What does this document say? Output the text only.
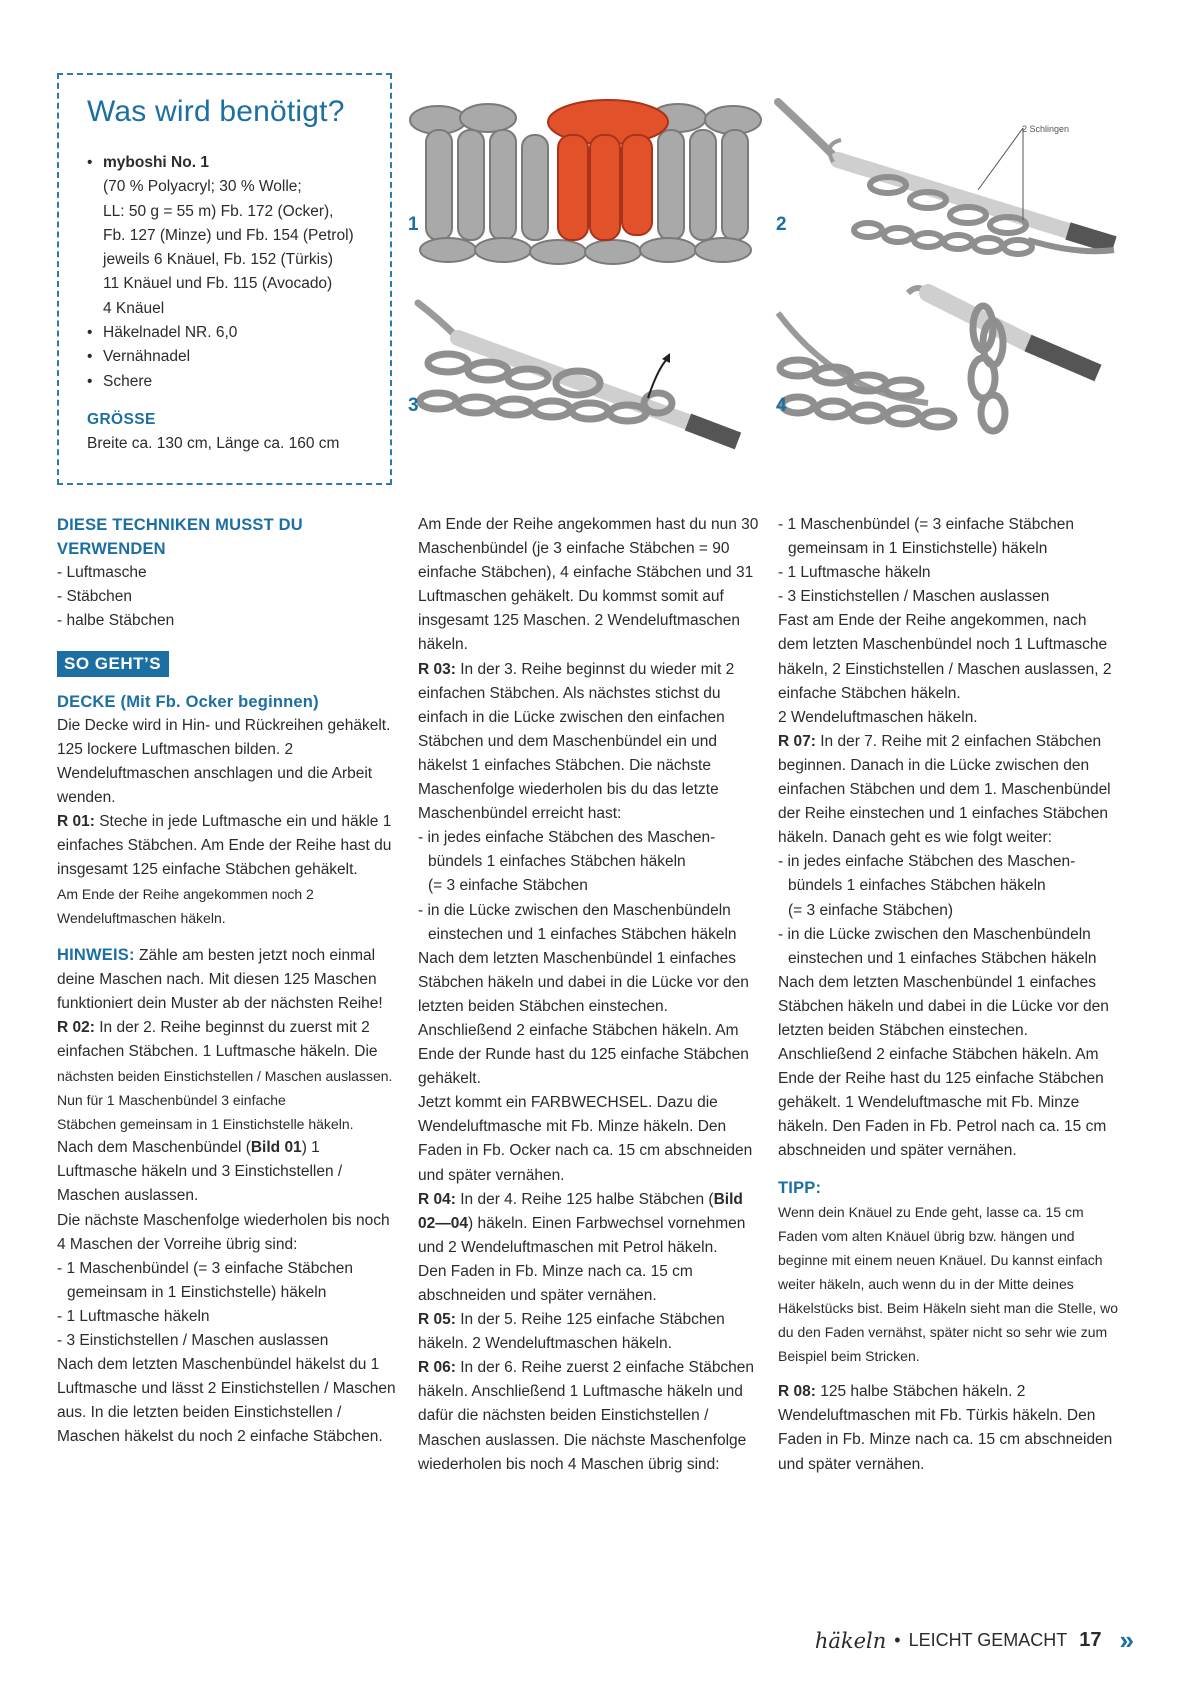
Was wird benötigt?
• myboshi No. 1
(70 % Polyacryl; 30 % Wolle;
LL: 50 g = 55 m) Fb. 172 (Ocker),
Fb. 127 (Minze) und Fb. 154 (Petrol)
jeweils 6 Knäuel, Fb. 152 (Türkis)
11 Knäuel und Fb. 115 (Avocado)
4 Knäuel
• Häkelnadel NR. 6,0
• Vernähnadel
• Schere
GRÖSSE
Breite ca. 130 cm, Länge ca. 160 cm
1
2 Schlingen
2
3	4

DIESE TECHNIKEN MUSST DU VERWENDEN

- Luftmasche

- Stäbchen

- halbe Stäbchen

SO GEHT’S

DECKE (Mit Fb. Ocker beginnen)

Die Decke wird in Hin- und Rückreihen gehäkelt.

125 lockere Luftmaschen bilden. 2 Wendeluftmaschen anschlagen und die Arbeit wenden.

R 01: Steche in jede Luftmasche ein und häkle 1 einfaches Stäbchen. Am Ende der Reihe hast du insgesamt 125 einfache Stäbchen gehäkelt.

Am Ende der Reihe angekommen noch 2 Wendeluftmaschen häkeln.

HINWEIS: Zähle am besten jetzt noch einmal deine Maschen nach. Mit diesen 125 Maschen funktioniert dein Muster ab der nächsten Reihe!

R 02: In der 2. Reihe beginnst du zuerst mit 2 einfachen Stäbchen. 1 Luftmasche häkeln. Die

nächsten beiden Einstichstellen / Maschen auslassen. Nun für 1 Maschenbündel 3 einfache

Stäbchen gemeinsam in 1 Einstichstelle häkeln.

Nach dem Maschenbündel (Bild 01) 1 Luftmasche häkeln und 3 Einstichstellen / Maschen auslassen.

Die nächste Maschenfolge wiederholen bis noch 4 Maschen der Vorreihe übrig sind:

- 1 Maschenbündel (= 3 einfache Stäbchen

gemeinsam in 1 Einstichstelle) häkeln

- 1 Luftmasche häkeln

- 3 Einstichstellen / Maschen auslassen

Nach dem letzten Maschenbündel häkelst du 1 Luftmasche und lässt 2 Einstichstellen / Maschen aus. In die letzten beiden Einstichstellen / Maschen häkelst du noch 2 einfache Stäbchen.

Am Ende der Reihe angekommen hast du nun 30 Maschenbündel (je 3 einfache Stäbchen = 90 einfache Stäbchen), 4 einfache Stäbchen und 31 Luftmaschen gehäkelt. Du kommst somit auf insgesamt 125 Maschen. 2 Wendeluftmaschen häkeln.

R 03: In der 3. Reihe beginnst du wieder mit 2 einfachen Stäbchen. Als nächstes stichst du einfach in die Lücke zwischen den einfachen Stäbchen und dem Maschenbündel ein und häkelst 1 einfaches Stäbchen. Die nächste Maschenfolge wiederholen bis du das letzte Maschenbündel erreicht hast:

- in jedes einfache Stäbchen des Maschen-

bündels 1 einfaches Stäbchen häkeln

(= 3 einfache Stäbchen

- in die Lücke zwischen den Maschenbündeln

einstechen und 1 einfaches Stäbchen häkeln

Nach dem letzten Maschenbündel 1 einfaches Stäbchen häkeln und dabei in die Lücke vor den letzten beiden Stäbchen einstechen. Anschließend 2 einfache Stäbchen häkeln. Am Ende der Runde hast du 125 einfache Stäbchen gehäkelt.

Jetzt kommt ein FARBWECHSEL. Dazu die Wendeluftmasche mit Fb. Minze häkeln. Den Faden in Fb. Ocker nach ca. 15 cm abschneiden und später vernähen.

R 04: In der 4. Reihe 125 halbe Stäbchen (Bild 02—04) häkeln. Einen Farbwechsel vornehmen und 2 Wendeluftmaschen mit Petrol häkeln.

Den Faden in Fb. Minze nach ca. 15 cm abschneiden und später vernähen.

R 05: In der 5. Reihe 125 einfache Stäbchen häkeln. 2 Wendeluftmaschen häkeln.

R 06: In der 6. Reihe zuerst 2 einfache Stäbchen häkeln. Anschließend 1 Luftmasche häkeln und dafür die nächsten beiden Einstichstellen / Maschen auslassen. Die nächste Maschenfolge wiederholen bis noch 4 Maschen übrig sind:

- 1 Maschenbündel (= 3 einfache Stäbchen

gemeinsam in 1 Einstichstelle) häkeln

- 1 Luftmasche häkeln

- 3 Einstichstellen / Maschen auslassen

Fast am Ende der Reihe angekommen, nach dem letzten Maschenbündel noch 1 Luftmasche häkeln, 2 Einstichstellen / Maschen auslassen, 2 einfache Stäbchen häkeln.

2 Wendeluftmaschen häkeln.

R 07: In der 7. Reihe mit 2 einfachen Stäbchen beginnen. Danach in die Lücke zwischen den einfachen Stäbchen und dem 1. Maschenbündel der Reihe einstechen und 1 einfaches Stäbchen häkeln. Danach geht es wie folgt weiter:

- in jedes einfache Stäbchen des Maschen-

bündels 1 einfaches Stäbchen häkeln

(= 3 einfache Stäbchen)

- in die Lücke zwischen den Maschenbündeln

einstechen und 1 einfaches Stäbchen häkeln

Nach dem letzten Maschenbündel 1 einfaches Stäbchen häkeln und dabei in die Lücke vor den letzten beiden Stäbchen einstechen. Anschließend 2 einfache Stäbchen häkeln. Am Ende der Reihe hast du 125 einfache Stäbchen gehäkelt. 1 Wendeluftmasche mit Fb. Minze häkeln. Den Faden in Fb. Petrol nach ca. 15 cm abschneiden und später vernähen.

TIPP:

Wenn dein Knäuel zu Ende geht, lasse ca. 15 cm Faden vom alten Knäuel übrig bzw. hängen und beginne mit einem neuen Knäuel. Du kannst einfach weiter häkeln, auch wenn du in der Mitte deines Häkelstücks bist. Beim Häkeln sieht man die Stelle, wo du den Faden vernähst, später nicht so sehr wie zum Beispiel beim Stricken.

R 08: 125 halbe Stäbchen häkeln. 2 Wendeluftmaschen mit Fb. Türkis häkeln. Den Faden in Fb. Minze nach ca. 15 cm abschneiden und später vernähen.

häkeln • LEICHT GEMACHT 17 »
